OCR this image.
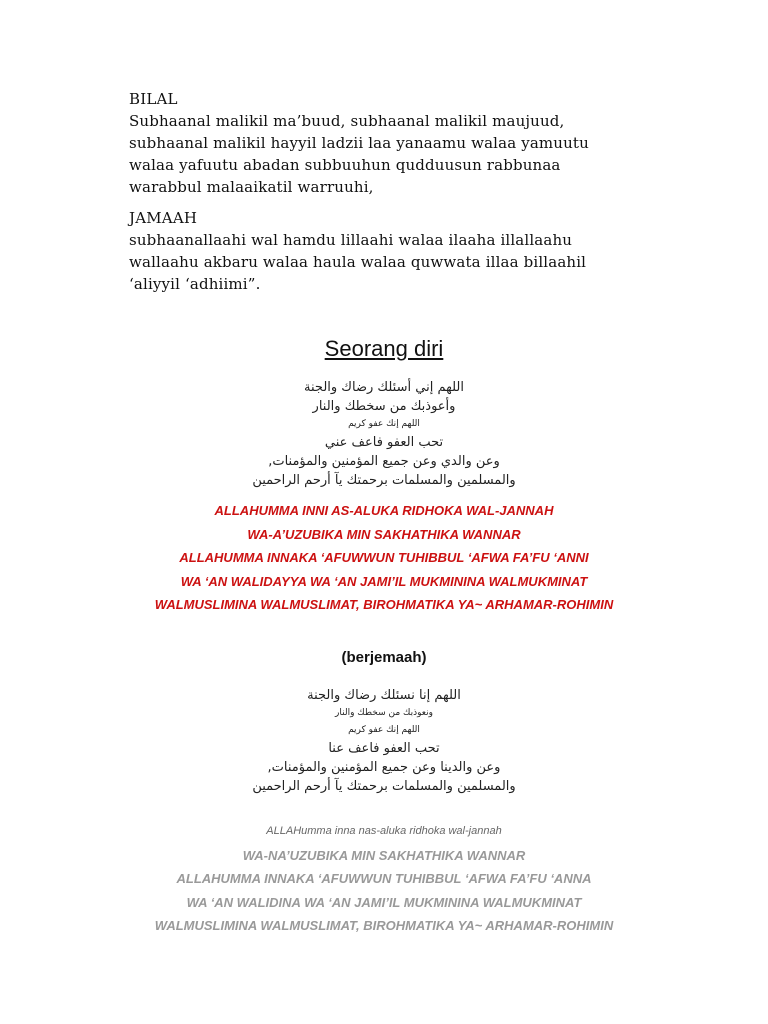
BILAL

Subhaanal malikil ma’buud, subhaanal malikil maujuud,

subhaanal malikil hayyil ladzii laa yanaamu walaa yamuutu

walaa yafuutu abadan subbuuhun qudduusun rabbunaa

warabbul malaaikatil warruuhi,

JAMAAH

subhaanallaahi wal hamdu lillaahi walaa ilaaha illallaahu

wallaahu akbaru walaa haula walaa quwwata illaa billaahil

‘aliyyil ‘adhiimi”.

Seorang diri
اللهم إني أسئلك رضاك والجنة
وأعوذبك من سخطك والنار
اللهم إنك عفو كريم
تحب العفو فاعف عني
وعن والدي وعن جميع المؤمنين والمؤمنات,
والمسلمين والمسلمات برحمتك يآ أرحم الراحمين
ALLAHUMMA INNI AS-ALUKA RIDHOKA WAL-JANNAH
WA-A’UZUBIKA MIN SAKHATHIKA WANNAR
ALLAHUMMA INNAKA ‘AFUWWUN TUHIBBUL ‘AFWA FA’FU ‘ANNI
WA ‘AN WALIDAYYA WA ‘AN JAMI’IL MUKMININA WALMUKMINAT
WALMUSLIMINA WALMUSLIMAT, BIROHMATIKA YA~ ARHAMAR-ROHIMIN
(berjemaah)
اللهم إنا نسئلك رضاك والجنة
ونعوذبك من سخطك والنار
اللهم إنك عفو كريم
تحب العفو فاعف عنا
وعن والدينا وعن جميع المؤمنين والمؤمنات,
والمسلمين والمسلمات برحمتك يآ أرحم الراحمين
ALLAHumma inna nas-aluka ridhoka wal-jannah
WA-NA’UZUBIKA MIN SAKHATHIKA WANNAR
ALLAHUMMA INNAKA ‘AFUWWUN TUHIBBUL ‘AFWA FA’FU ‘ANNA
WA ‘AN WALIDINA WA ‘AN JAMI’IL MUKMININA WALMUKMINAT
WALMUSLIMINA WALMUSLIMAT, BIROHMATIKA YA~ ARHAMAR-ROHIMIN
